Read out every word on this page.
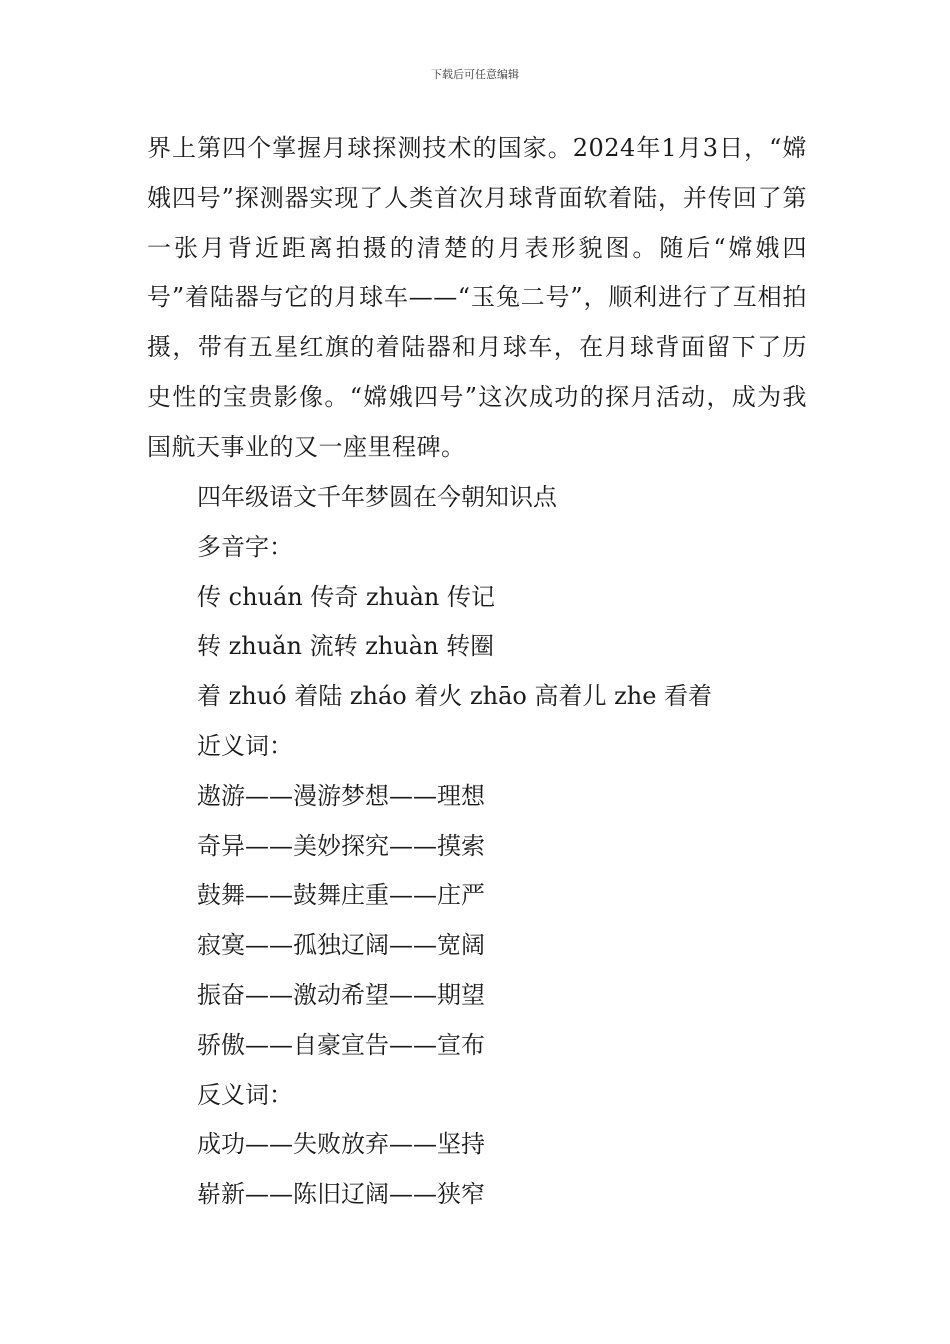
下载后可任意编辑

界上第四个掌握月球探测技术的国家。2024年1月3日，“嫦娥四号”探测器实现了人类首次月球背面软着陆，并传回了第一张月背近距离拍摄的清楚的月表形貌图。随后“嫦娥四号”着陆器与它的月球车——“玉兔二号”，顺利进行了互相拍摄，带有五星红旗的着陆器和月球车，在月球背面留下了历史性的宝贵影像。“嫦娥四号”这次成功的探月活动，成为我国航天事业的又一座里程碑。

四年级语文千年梦圆在今朝知识点
多音字：
传 chuán 传奇 zhuàn 传记
转 zhuǎn 流转 zhuàn 转圈
着 zhuó 着陆 zháo 着火 zhāo 高着儿 zhe 看着
近义词：
遨游——漫游梦想——理想
奇异——美妙探究——摸索
鼓舞——鼓舞庄重——庄严
寂寞——孤独辽阔——宽阔
振奋——激动希望——期望
骄傲——自豪宣告——宣布
反义词：
成功——失败放弃——坚持
崭新——陈旧辽阔——狭窄
